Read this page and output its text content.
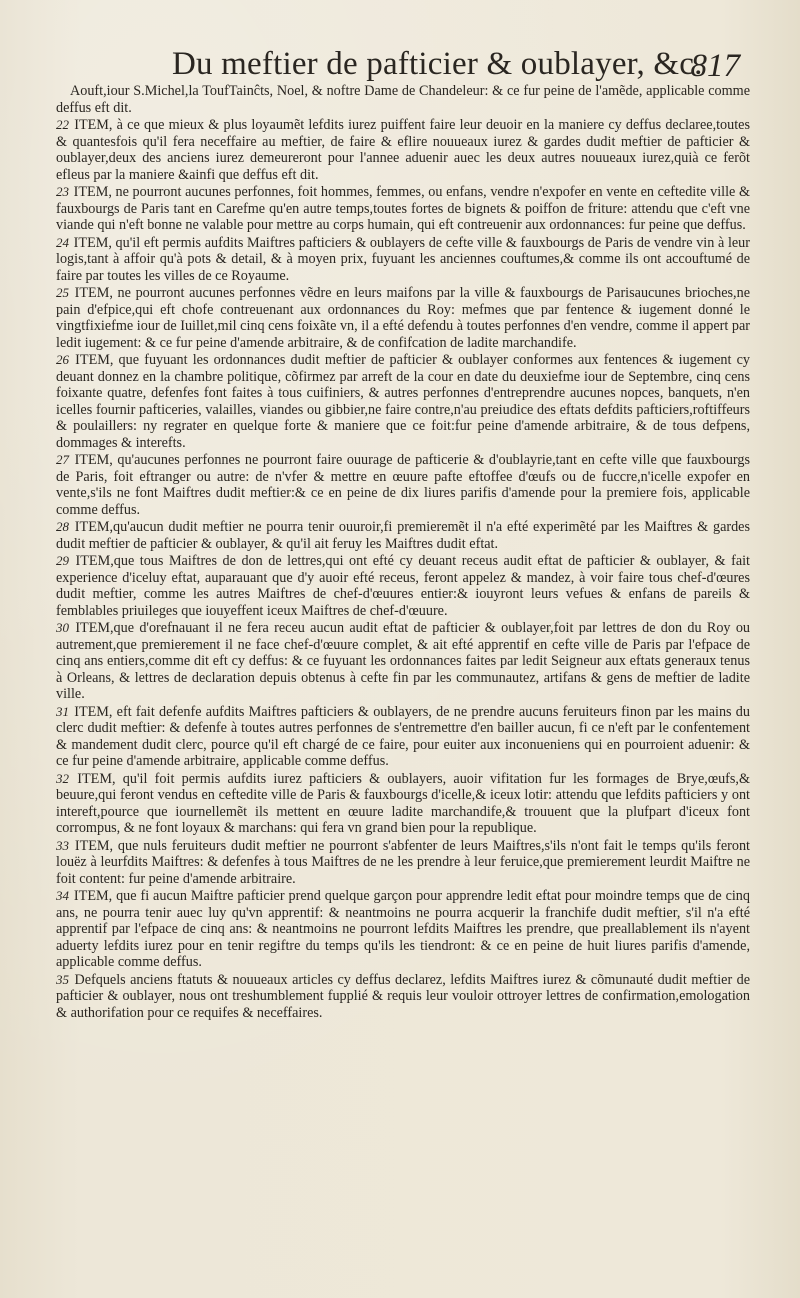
Du meftier de pafticier & oublayer, &c.
817

Aouft,iour S.Michel,la ToufTainĉts, Noel, & noftre Dame de Chandeleur: & ce fur peine de l'amẽde, applicable comme deffus eft dit.

22 ITEM, à ce que mieux & plus loyaumẽt lefdits iurez puiffent faire leur deuoir en la maniere cy deffus declaree,toutes & quantesfois qu'il fera neceffaire au meftier, de faire & eflire nouueaux iurez & gardes dudit meftier de pafticier & oublayer,deux des anciens iurez demeureront pour l'annee aduenir auec les deux autres nouueaux iurez,quià ce ferõt efleus par la maniere &ainfi que deffus eft dit.

23 ITEM, ne pourront aucunes perfonnes, foit hommes, femmes, ou enfans, vendre n'expofer en vente en ceftedite ville & fauxbourgs de Paris tant en Carefme qu'en autre temps,toutes fortes de bignets & poiffon de friture: attendu que c'eft vne viande qui n'eft bonne ne valable pour mettre au corps humain, qui eft contreuenir aux ordonnances: fur peine que deffus.

24 ITEM, qu'il eft permis aufdits Maiftres pafticiers & oublayers de cefte ville & fauxbourgs de Paris de vendre vin à leur logis,tant à affoir qu'à pots & detail, & à moyen prix, fuyuant les anciennes couftumes,& comme ils ont accouftumé de faire par toutes les villes de ce Royaume.

25 ITEM, ne pourront aucunes perfonnes vẽdre en leurs maifons par la ville & fauxbourgs de Parisaucunes brioches,ne pain d'efpice,qui eft chofe contreuenant aux ordonnances du Roy: mefmes que par fentence & iugement donné le vingtfixiefme iour de Iuillet,mil cinq cens foixãte vn, il a efté defendu à toutes perfonnes d'en vendre, comme il appert par ledit iugement: & ce fur peine d'amende arbitraire, & de confifcation de ladite marchandife.

26 ITEM, que fuyuant les ordonnances dudit meftier de pafticier & oublayer conformes aux fentences & iugement cy deuant donnez en la chambre politique, cõfirmez par arreft de la cour en date du deuxiefme iour de Septembre, cinq cens foixante quatre, defenfes font faites à tous cuifiniers, & autres perfonnes d'entreprendre aucunes nopces, banquets, n'en icelles fournir pafticeries, valailles, viandes ou gibbier,ne faire contre,n'au preiudice des eftats defdits pafticiers,roftiffeurs & poulaillers: ny regrater en quelque forte & maniere que ce foit:fur peine d'amende arbitraire, & de tous defpens, dommages & interefts.

27 ITEM, qu'aucunes perfonnes ne pourront faire ouurage de pafticerie & d'oublayrie,tant en cefte ville que fauxbourgs de Paris, foit eftranger ou autre: de n'vfer & mettre en œuure pafte eftoffee d'œufs ou de fuccre,n'icelle expofer en vente,s'ils ne font Maiftres dudit meftier:& ce en peine de dix liures parifis d'amende pour la premiere fois, applicable comme deffus.

28 ITEM,qu'aucun dudit meftier ne pourra tenir ouuroir,fi premieremẽt il n'a efté experimẽté par les Maiftres & gardes dudit meftier de pafticier & oublayer, & qu'il ait feruy les Maiftres dudit eftat.

29 ITEM,que tous Maiftres de don de lettres,qui ont efté cy deuant receus audit eftat de pafticier & oublayer, & fait experience d'iceluy eftat, auparauant que d'y auoir efté receus, feront appelez & mandez, à voir faire tous chef-d'œures dudit meftier, comme les autres Maiftres de chef-d'œuures entier:& iouyront leurs vefues & enfans de pareils & femblables priuileges que iouyeffent iceux Maiftres de chef-d'œuure.

30 ITEM,que d'orefnauant il ne fera receu aucun audit eftat de pafticier & oublayer,foit par lettres de don du Roy ou autrement,que premierement il ne face chef-d'œuure complet, & ait efté apprentif en cefte ville de Paris par l'efpace de cinq ans entiers,comme dit eft cy deffus: & ce fuyuant les ordonnances faites par ledit Seigneur aux eftats generaux tenus à Orleans, & lettres de declaration depuis obtenus à cefte fin par les communautez, artifans & gens de meftier de ladite ville.

31 ITEM, eft fait defenfe aufdits Maiftres pafticiers & oublayers, de ne prendre aucuns feruiteurs finon par les mains du clerc dudit meftier: & defenfe à toutes autres perfonnes de s'entremettre d'en bailler aucun, fi ce n'eft par le confentement & mandement dudit clerc, pource qu'il eft chargé de ce faire, pour euiter aux inconueniens qui en pourroient aduenir: & ce fur peine d'amende arbitraire, applicable comme deffus.

32 ITEM, qu'il foit permis aufdits iurez pafticiers & oublayers, auoir vifitation fur les formages de Brye,œufs,& beuure,qui feront vendus en ceftedite ville de Paris & fauxbourgs d'icelle,& iceux lotir: attendu que lefdits pafticiers y ont intereft,pource que iournellemẽt ils mettent en œuure ladite marchandife,& trouuent que la plufpart d'iceux font corrompus, & ne font loyaux & marchans: qui fera vn grand bien pour la republique.

33 ITEM, que nuls feruiteurs dudit meftier ne pourront s'abfenter de leurs Maiftres,s'ils n'ont fait le temps qu'ils feront louëz à leurfdits Maiftres: & defenfes à tous Maiftres de ne les prendre à leur feruice,que premierement leurdit Maiftre ne foit content: fur peine d'amende arbitraire.

34 ITEM, que fi aucun Maiftre pafticier prend quelque garçon pour apprendre ledit eftat pour moindre temps que de cinq ans, ne pourra tenir auec luy qu'vn apprentif: & neantmoins ne pourra acquerir la franchife dudit meftier, s'il n'a efté apprentif par l'efpace de cinq ans: & neantmoins ne pourront lefdits Maiftres les prendre, que preallablement ils n'ayent aduerty lefdits iurez pour en tenir regiftre du temps qu'ils les tiendront: & ce en peine de huit liures parifis d'amende, applicable comme deffus.

35 Defquels anciens ftatuts & nouueaux articles cy deffus declarez, lefdits Maiftres iurez & cõmunauté dudit meftier de pafticier & oublayer, nous ont treshumblement fupplié & requis leur vouloir ottroyer lettres de confirmation,emologation & authorifation pour ce requifes & neceffaires.
